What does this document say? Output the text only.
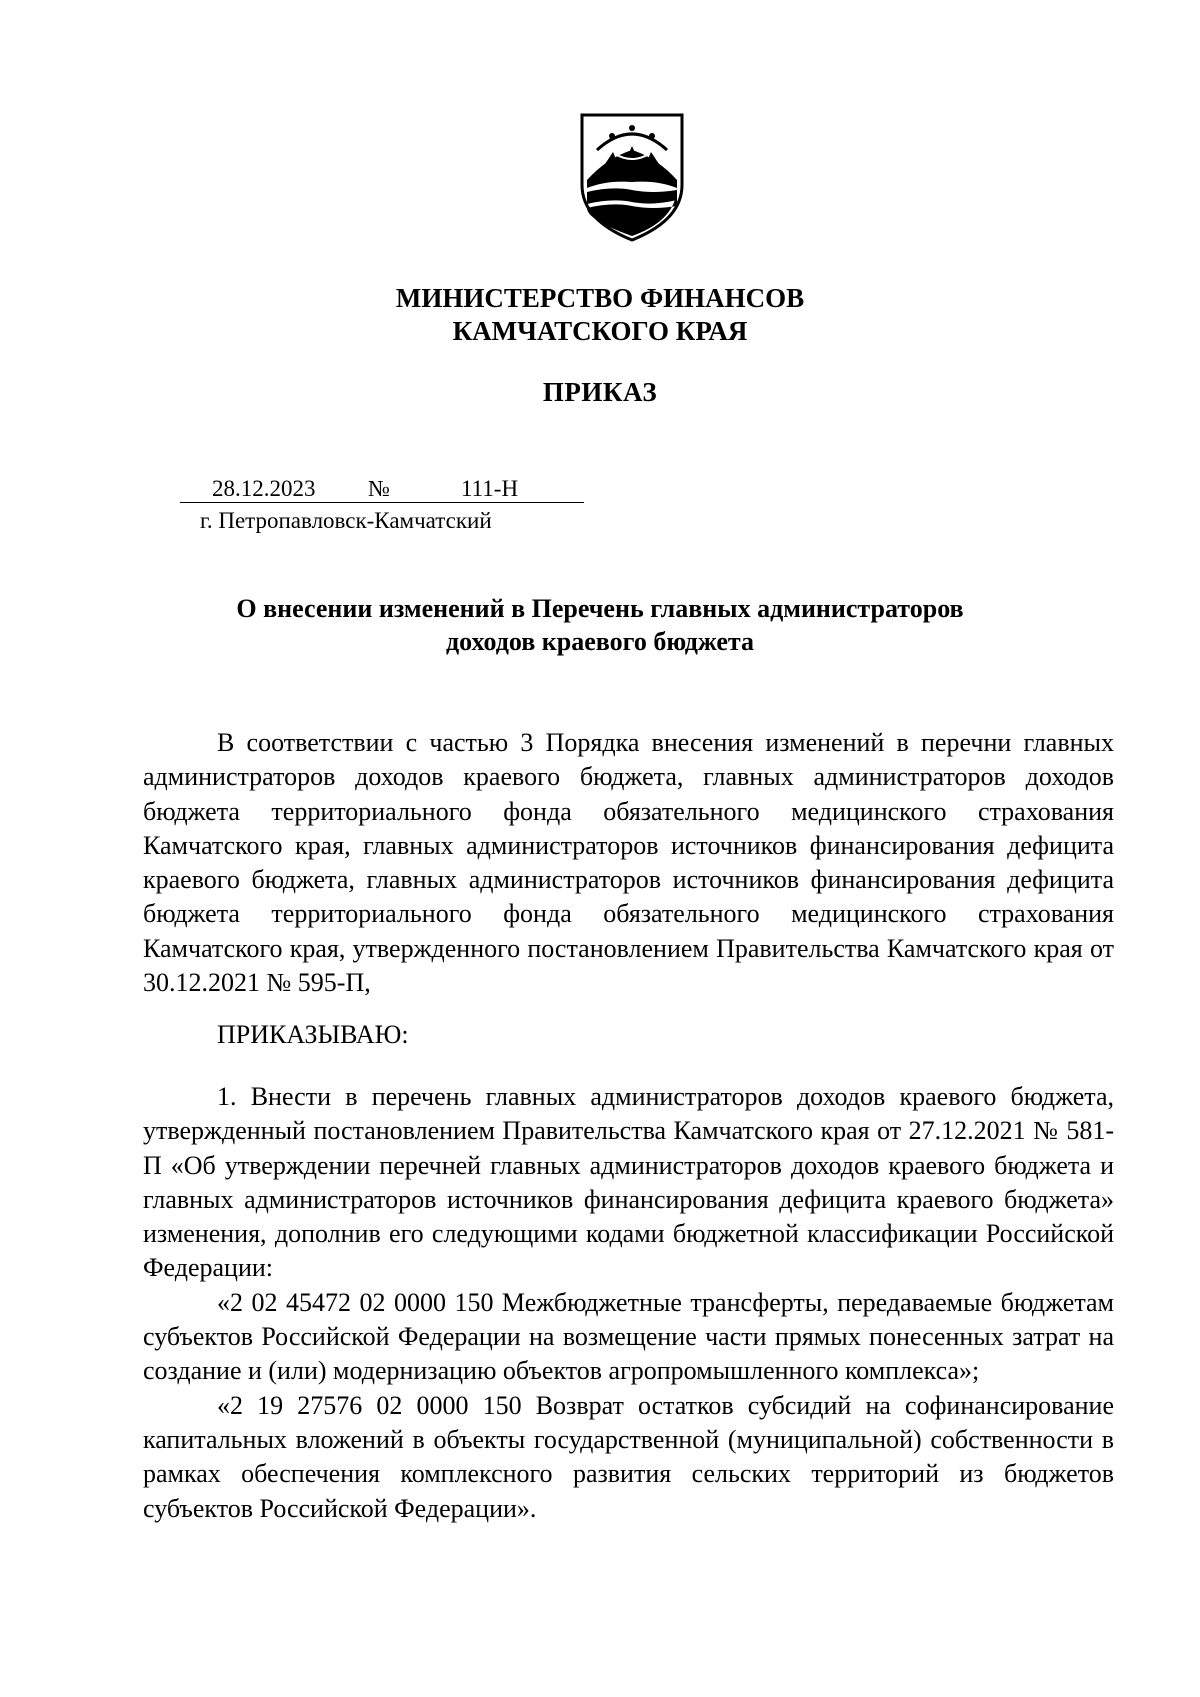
МИНИСТЕРСТВО ФИНАНСОВ
КАМЧАТСКОГО КРАЯ
ПРИКАЗ
28.12.2023 №	111-Н
г. Петропавловск-Камчатский
О внесении изменений в Перечень главных администраторов
доходов краевого бюджета

В соответствии с частью 3 Порядка внесения изменений в перечни главных администраторов доходов краевого бюджета, главных администраторов доходов бюджета территориального фонда обязательного медицинского страхования Камчатского края, главных администраторов источников финансирования дефицита краевого бюджета, главных администраторов источников финансирования дефицита бюджета территориального фонда обязательного медицинского страхования Камчатского края, утвержденного постановлением Правительства Камчатского края от 30.12.2021 № 595-П,

ПРИКАЗЫВАЮ:

1. Внести в перечень главных администраторов доходов краевого бюджета, утвержденный постановлением Правительства Камчатского края от 27.12.2021 № 581-П «Об утверждении перечней главных администраторов доходов краевого бюджета и главных администраторов источников финансирования дефицита краевого бюджета» изменения, дополнив его следующими кодами бюджетной классификации Российской Федерации:

«2 02 45472 02 0000 150 Межбюджетные трансферты, передаваемые бюджетам субъектов Российской Федерации на возмещение части прямых понесенных затрат на создание и (или) модернизацию объектов агропромышленного комплекса»;

«2 19 27576 02 0000 150 Возврат остатков субсидий на софинансирование капитальных вложений в объекты государственной (муниципальной) собственности в рамках обеспечения комплексного развития сельских территорий из бюджетов субъектов Российской Федерации».
